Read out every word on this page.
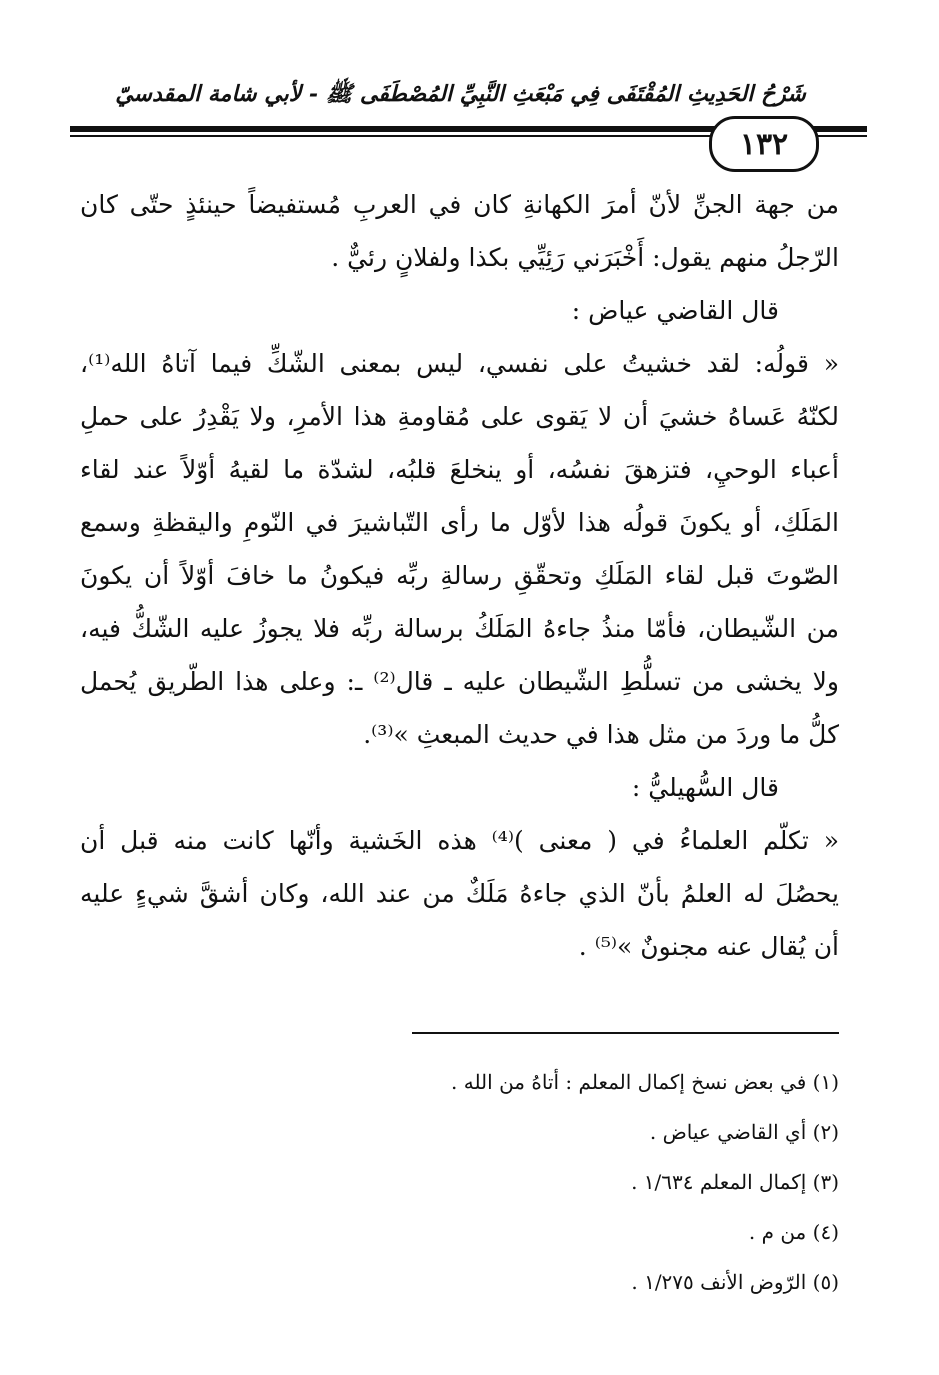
شَرْحُ الحَدِيثِ المُقْتَفَى فِي مَبْعَثِ النَّبِيِّ المُصْطَفَى ﷺ - لأبي شامة المقدسيّ
١٣٢
من جهة الجنِّ لأنّ أمرَ الكهانةِ كان في العربِ مُستفيضاً حينئذٍ حتّى كان
الرّجلُ منهم يقول: أَخْبَرَني رَئِيِّي بكذا ولفلانٍ رئيٌّ .
قال القاضي عياض :
« قولُه: لقد خشيتُ على نفسي، ليس بمعنى الشّكِّ فيما آتاهُ الله⁽¹⁾،
لكنّهُ عَساهُ خشيَ أن لا يَقوى على مُقاومةِ هذا الأمرِ، ولا يَقْدِرُ على حملِ
أعباء الوحيِ، فتزهقَ نفسُه، أو ينخلعَ قلبُه، لشدّة ما لقيهُ أوّلاً عند لقاء
المَلَكِ، أو يكونَ قولُه هذا لأوّل ما رأى التّباشيرَ في النّومِ واليقظةِ وسمع
الصّوتَ قبل لقاء المَلَكِ وتحقّقِ رسالةِ ربِّه فيكونُ ما خافَ أوّلاً أن يكونَ
من الشّيطان، فأمّا منذُ جاءهُ المَلَكُ برسالة ربِّه فلا يجوزُ عليه الشّكُّ فيه،
ولا يخشى من تسلُّطِ الشّيطان عليه ـ قال⁽²⁾ ـ: وعلى هذا الطّريق يُحمل
كلُّ ما وردَ من مثل هذا في حديث المبعثِ »⁽³⁾.
قال السُّهيليُّ :
« تكلّم العلماءُ في ( معنى )⁽⁴⁾ هذه الخَشية وأنّها كانت منه قبل أن
يحصُلَ له العلمُ بأنّ الذي جاءهُ مَلَكٌ من عند الله، وكان أشقَّ شيءٍ عليه
أن يُقال عنه مجنونٌ »⁽⁵⁾ .
(١) في بعض نسخ إكمال المعلم : أتاهُ من الله .
(٢) أي القاضي عياض .
(٣) إكمال المعلم ١/٦٣٤ .
(٤) من م .
(٥) الرّوض الأنف ١/٢٧٥ .
